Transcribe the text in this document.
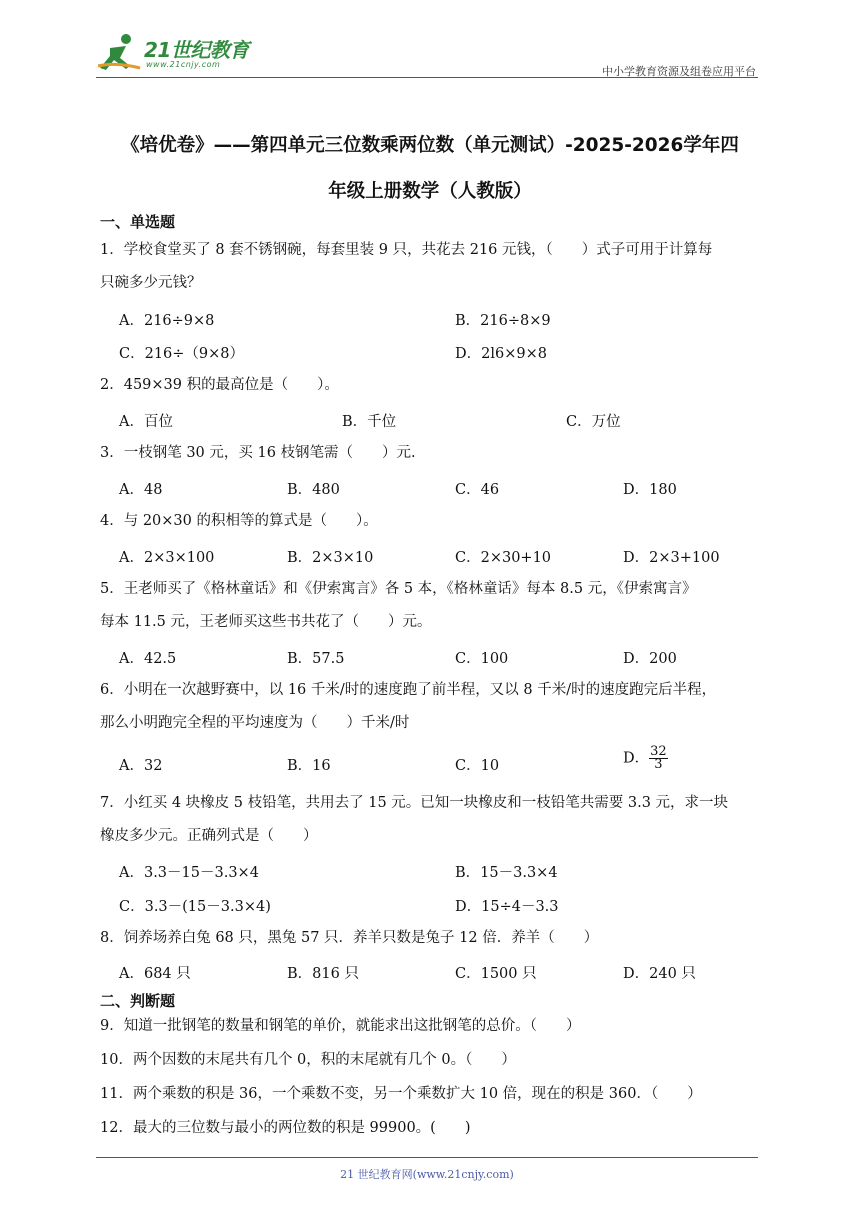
21世纪教育
www.21cnjy.com
中小学教育资源及组卷应用平台
《培优卷》——第四单元三位数乘两位数（单元测试）-2025-2026学年四
年级上册数学（人教版）
一、单选题
1．学校食堂买了 8 套不锈钢碗，每套里装 9 只，共花去 216 元钱，（　　）式子可用于计算每
只碗多少元钱？
A．216÷9×8	B．216÷8×9
C．216÷（9×8）	D．2l6×9×8
2．459×39 积的最高位是（　　）。
A．百位	B．千位	C．万位
3．一枝钢笔 30 元，买 16 枝钢笔需（　　）元.
A．48	B．480	C．46	D．180
4．与 20×30 的积相等的算式是（　　）。
A．2×3×100	B．2×3×10	C．2×30+10	D．2×3+100
5．王老师买了《格林童话》和《伊索寓言》各 5 本，《格林童话》每本 8.5 元，《伊索寓言》
每本 11.5 元，王老师买这些书共花了（　　）元。
A．42.5	B．57.5	C．100	D．200
6．小明在一次越野赛中，以 16 千米/时的速度跑了前半程，又以 8 千米/时的速度跑完后半程，
那么小明跑完全程的平均速度为（　　）千米/时
A．32	B．16	C．10	D． $\frac{32}{3}$
7．小红买 4 块橡皮 5 枝铅笔，共用去了 15 元。已知一块橡皮和一枝铅笔共需要 3.3 元，求一块
橡皮多少元。正确列式是（　　）
A．3.3－15－3.3×4	B．15－3.3×4
C．3.3－(15－3.3×4)	D．15÷4－3.3
8．饲养场养白兔 68 只，黑兔 57 只．养羊只数是兔子 12 倍．养羊（　　）
A．684 只	B．816 只	C．1500 只	D．240 只
二、判断题
9．知道一批钢笔的数量和钢笔的单价，就能求出这批钢笔的总价。（　　）
10．两个因数的末尾共有几个 0，积的末尾就有几个 0。（　　）
11．两个乘数的积是 36，一个乘数不变，另一个乘数扩大 10 倍，现在的积是 360．（　　）
12．最大的三位数与最小的两位数的积是 99900。(　　)
21 世纪教育网(www.21cnjy.com)
